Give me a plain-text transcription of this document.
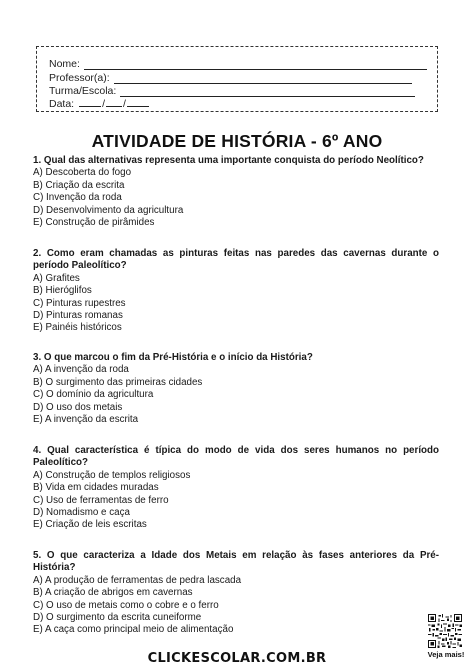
Nome:
Professor(a):
Turma/Escola:
Data:	/ /
ATIVIDADE DE HISTÓRIA - 6º ANO

1. Qual das alternativas representa uma importante conquista do período Neolítico?

A) Descoberta do fogo

B) Criação da escrita

C) Invenção da roda

D) Desenvolvimento da agricultura

E) Construção de pirâmides

2. Como eram chamadas as pinturas feitas nas paredes das cavernas durante o período Paleolítico?

A) Grafites

B) Hieróglifos

C) Pinturas rupestres

D) Pinturas romanas

E) Painéis históricos

3. O que marcou o fim da Pré-História e o início da História?

A) A invenção da roda

B) O surgimento das primeiras cidades

C) O domínio da agricultura

D) O uso dos metais

E) A invenção da escrita

4. Qual característica é típica do modo de vida dos seres humanos no período Paleolítico?

A) Construção de templos religiosos

B) Vida em cidades muradas

C) Uso de ferramentas de ferro

D) Nomadismo e caça

E) Criação de leis escritas

5. O que caracteriza a Idade dos Metais em relação às fases anteriores da Pré-História?

A) A produção de ferramentas de pedra lascada

B) A criação de abrigos em cavernas

C) O uso de metais como o cobre e o ferro

D) O surgimento da escrita cuneiforme

E) A caça como principal meio de alimentação

CLICKESCOLAR.COM.BR	Veja mais!
